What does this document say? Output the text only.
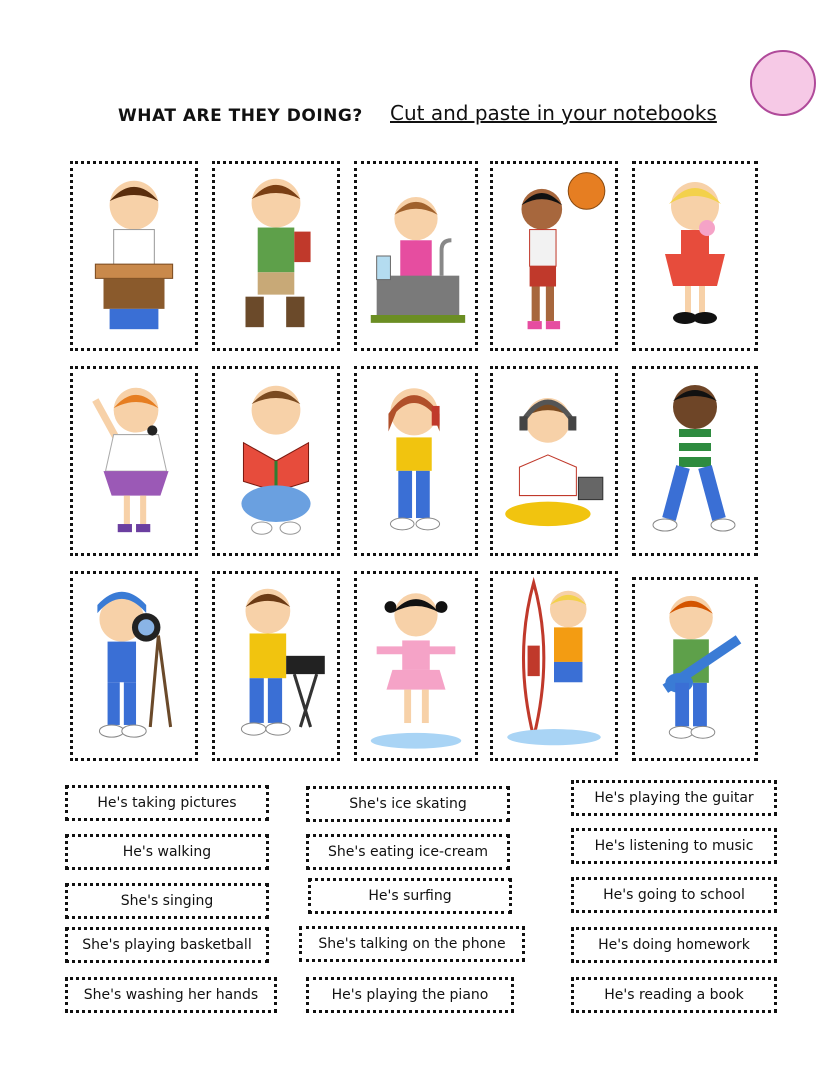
WHAT ARE THEY DOING? Cut and paste in your notebooks
He's taking pictures
He's walking
She's singing
She's playing basketball
She's washing her hands
She's ice skating
She's eating ice-cream
He's surfing
She's talking on the phone
He's playing the piano
He's playing the guitar
He's listening to music
He's going to school
He's doing homework
He's reading a book
